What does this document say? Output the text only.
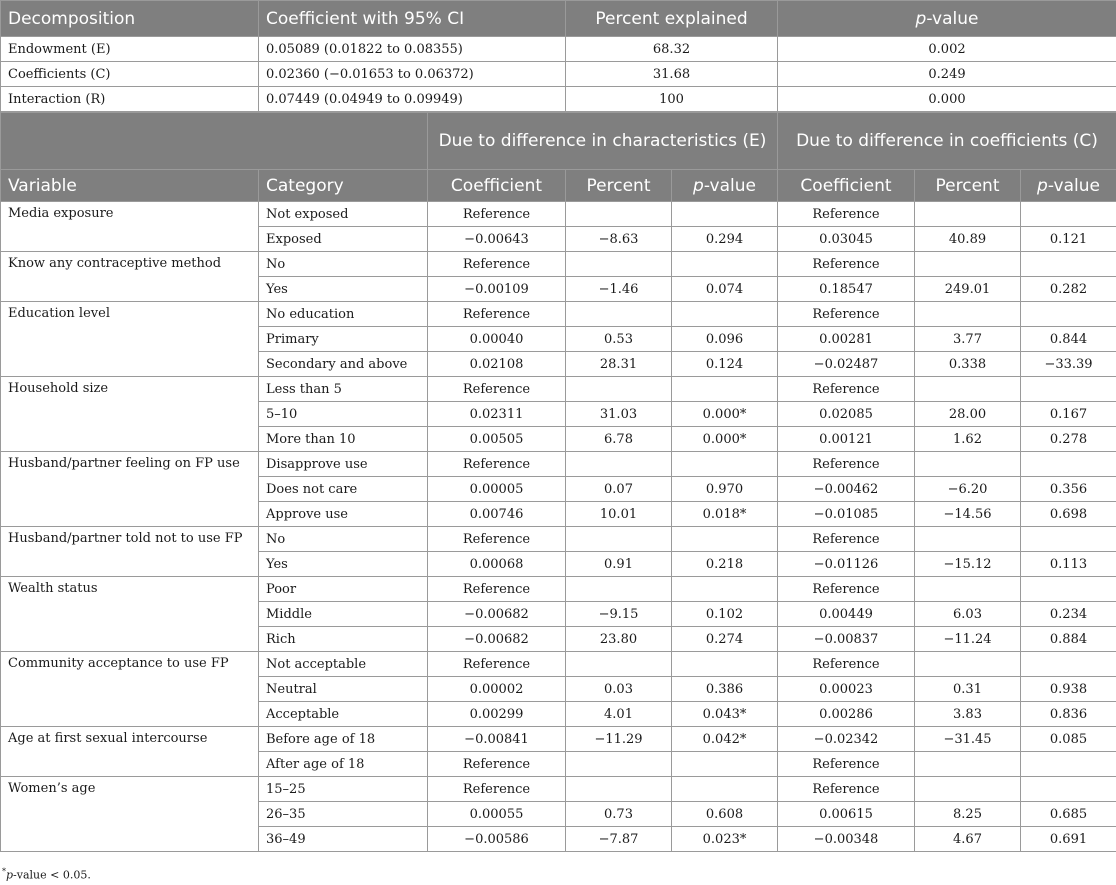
Decomposition	Coefficient with 95% CI	Percent explained	p-value
Endowment (E)	0.05089 (0.01822 to 0.08355)	68.32	0.002
Coefficients (C)	0.02360 (−0.01653 to 0.06372)	31.68	0.249
Interaction (R)	0.07449 (0.04949 to 0.09949)	100	0.000
		Due to difference in characteristics (E)			Due to difference in coefficients (C)		
Variable	Category	Coefficient	Percent	p-value	Coefficient	Percent	p-value
Media exposure	Not exposed	Reference			Reference		
	Exposed	−0.00643	−8.63	0.294	0.03045	40.89	0.121
Know any contraceptive method	No	Reference			Reference		
	Yes	−0.00109	−1.46	0.074	0.18547	249.01	0.282
Education level	No education	Reference			Reference		
	Primary	0.00040	0.53	0.096	0.00281	3.77	0.844
	Secondary and above	0.02108	28.31	0.124	−0.02487	0.338	−33.39
Household size	Less than 5	Reference			Reference		
	5–10	0.02311	31.03	0.000*	0.02085	28.00	0.167
	More than 10	0.00505	6.78	0.000*	0.00121	1.62	0.278
Husband/partner feeling on FP use	Disapprove use	Reference			Reference		
	Does not care	0.00005	0.07	0.970	−0.00462	−6.20	0.356
	Approve use	0.00746	10.01	0.018*	−0.01085	−14.56	0.698
Husband/partner told not to use FP	No	Reference			Reference		
	Yes	0.00068	0.91	0.218	−0.01126	−15.12	0.113
Wealth status	Poor	Reference			Reference		
	Middle	−0.00682	−9.15	0.102	0.00449	6.03	0.234
	Rich	−0.00682	23.80	0.274	−0.00837	−11.24	0.884
Community acceptance to use FP	Not acceptable	Reference			Reference		
	Neutral	0.00002	0.03	0.386	0.00023	0.31	0.938
	Acceptable	0.00299	4.01	0.043*	0.00286	3.83	0.836
Age at first sexual intercourse	Before age of 18	−0.00841	−11.29	0.042*	−0.02342	−31.45	0.085
	After age of 18	Reference			Reference		
Women’s age	15–25	Reference			Reference		
	26–35	0.00055	0.73	0.608	0.00615	8.25	0.685
	36–49	−0.00586	−7.87	0.023*	−0.00348	4.67	0.691
*p-value < 0.05.
